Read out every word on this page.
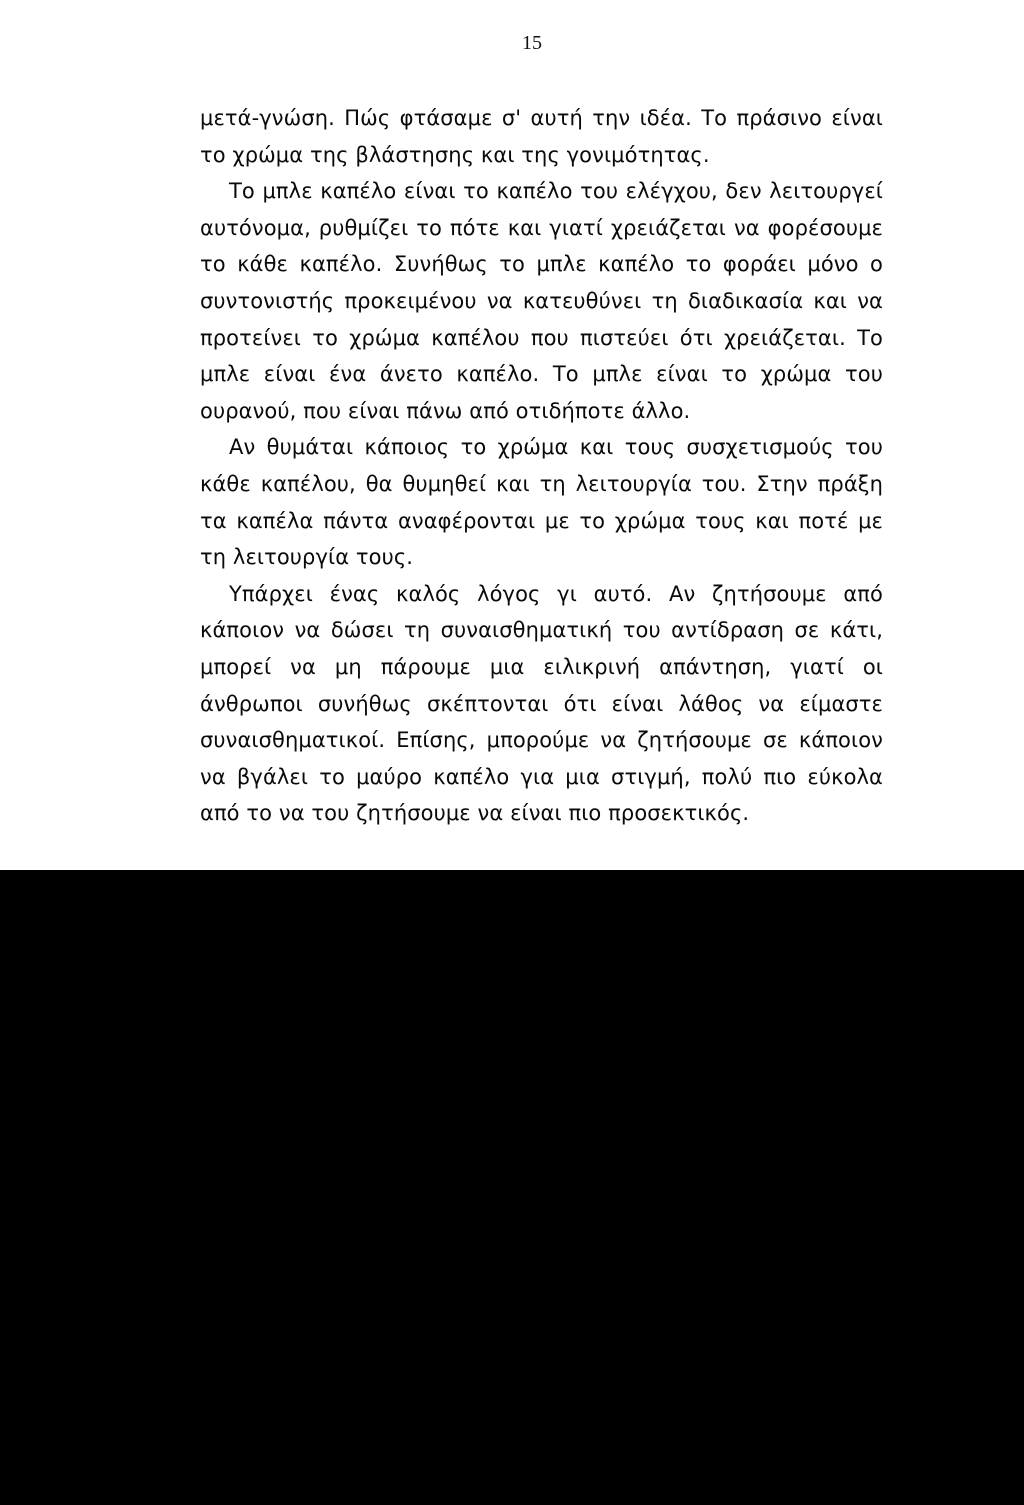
15

μετά-γνώση. Πώς φτάσαμε σ' αυτή την ιδέα. Το πράσινο είναι το χρώμα της βλάστησης και της γονιμότητας.

Το μπλε καπέλο είναι το καπέλο του ελέγχου, δεν λειτουργεί αυτόνομα, ρυθμίζει το πότε και γιατί χρειάζεται να φορέσουμε το κάθε καπέλο. Συνήθως το μπλε καπέλο το φοράει μόνο ο συντονιστής προκειμένου να κατευθύνει τη διαδικασία και να προτείνει το χρώμα καπέλου που πιστεύει ότι χρειάζεται. Το μπλε είναι ένα άνετο καπέλο. Το μπλε είναι το χρώμα του ουρανού, που είναι πάνω από οτιδήποτε άλλο.

Αν θυμάται κάποιος το χρώμα και τους συσχετισμούς του κάθε καπέλου, θα θυμηθεί και τη λειτουργία του. Στην πράξη τα καπέλα πάντα αναφέρονται με το χρώμα τους και ποτέ με τη λειτουργία τους.

Υπάρχει ένας καλός λόγος γι αυτό. Αν ζητήσουμε από κάποιον να δώσει τη συναισθηματική του αντίδραση σε κάτι, μπορεί να μη πάρουμε μια ειλικρινή απάντηση, γιατί οι άνθρωποι συνήθως σκέπτονται ότι είναι λάθος να είμαστε συναισθηματικοί. Επίσης, μπορούμε να ζητήσουμε σε κάποιον να βγάλει το μαύρο καπέλο για μια στιγμή, πολύ πιο εύκολα από το να του ζητήσουμε να είναι πιο προσεκτικός.
